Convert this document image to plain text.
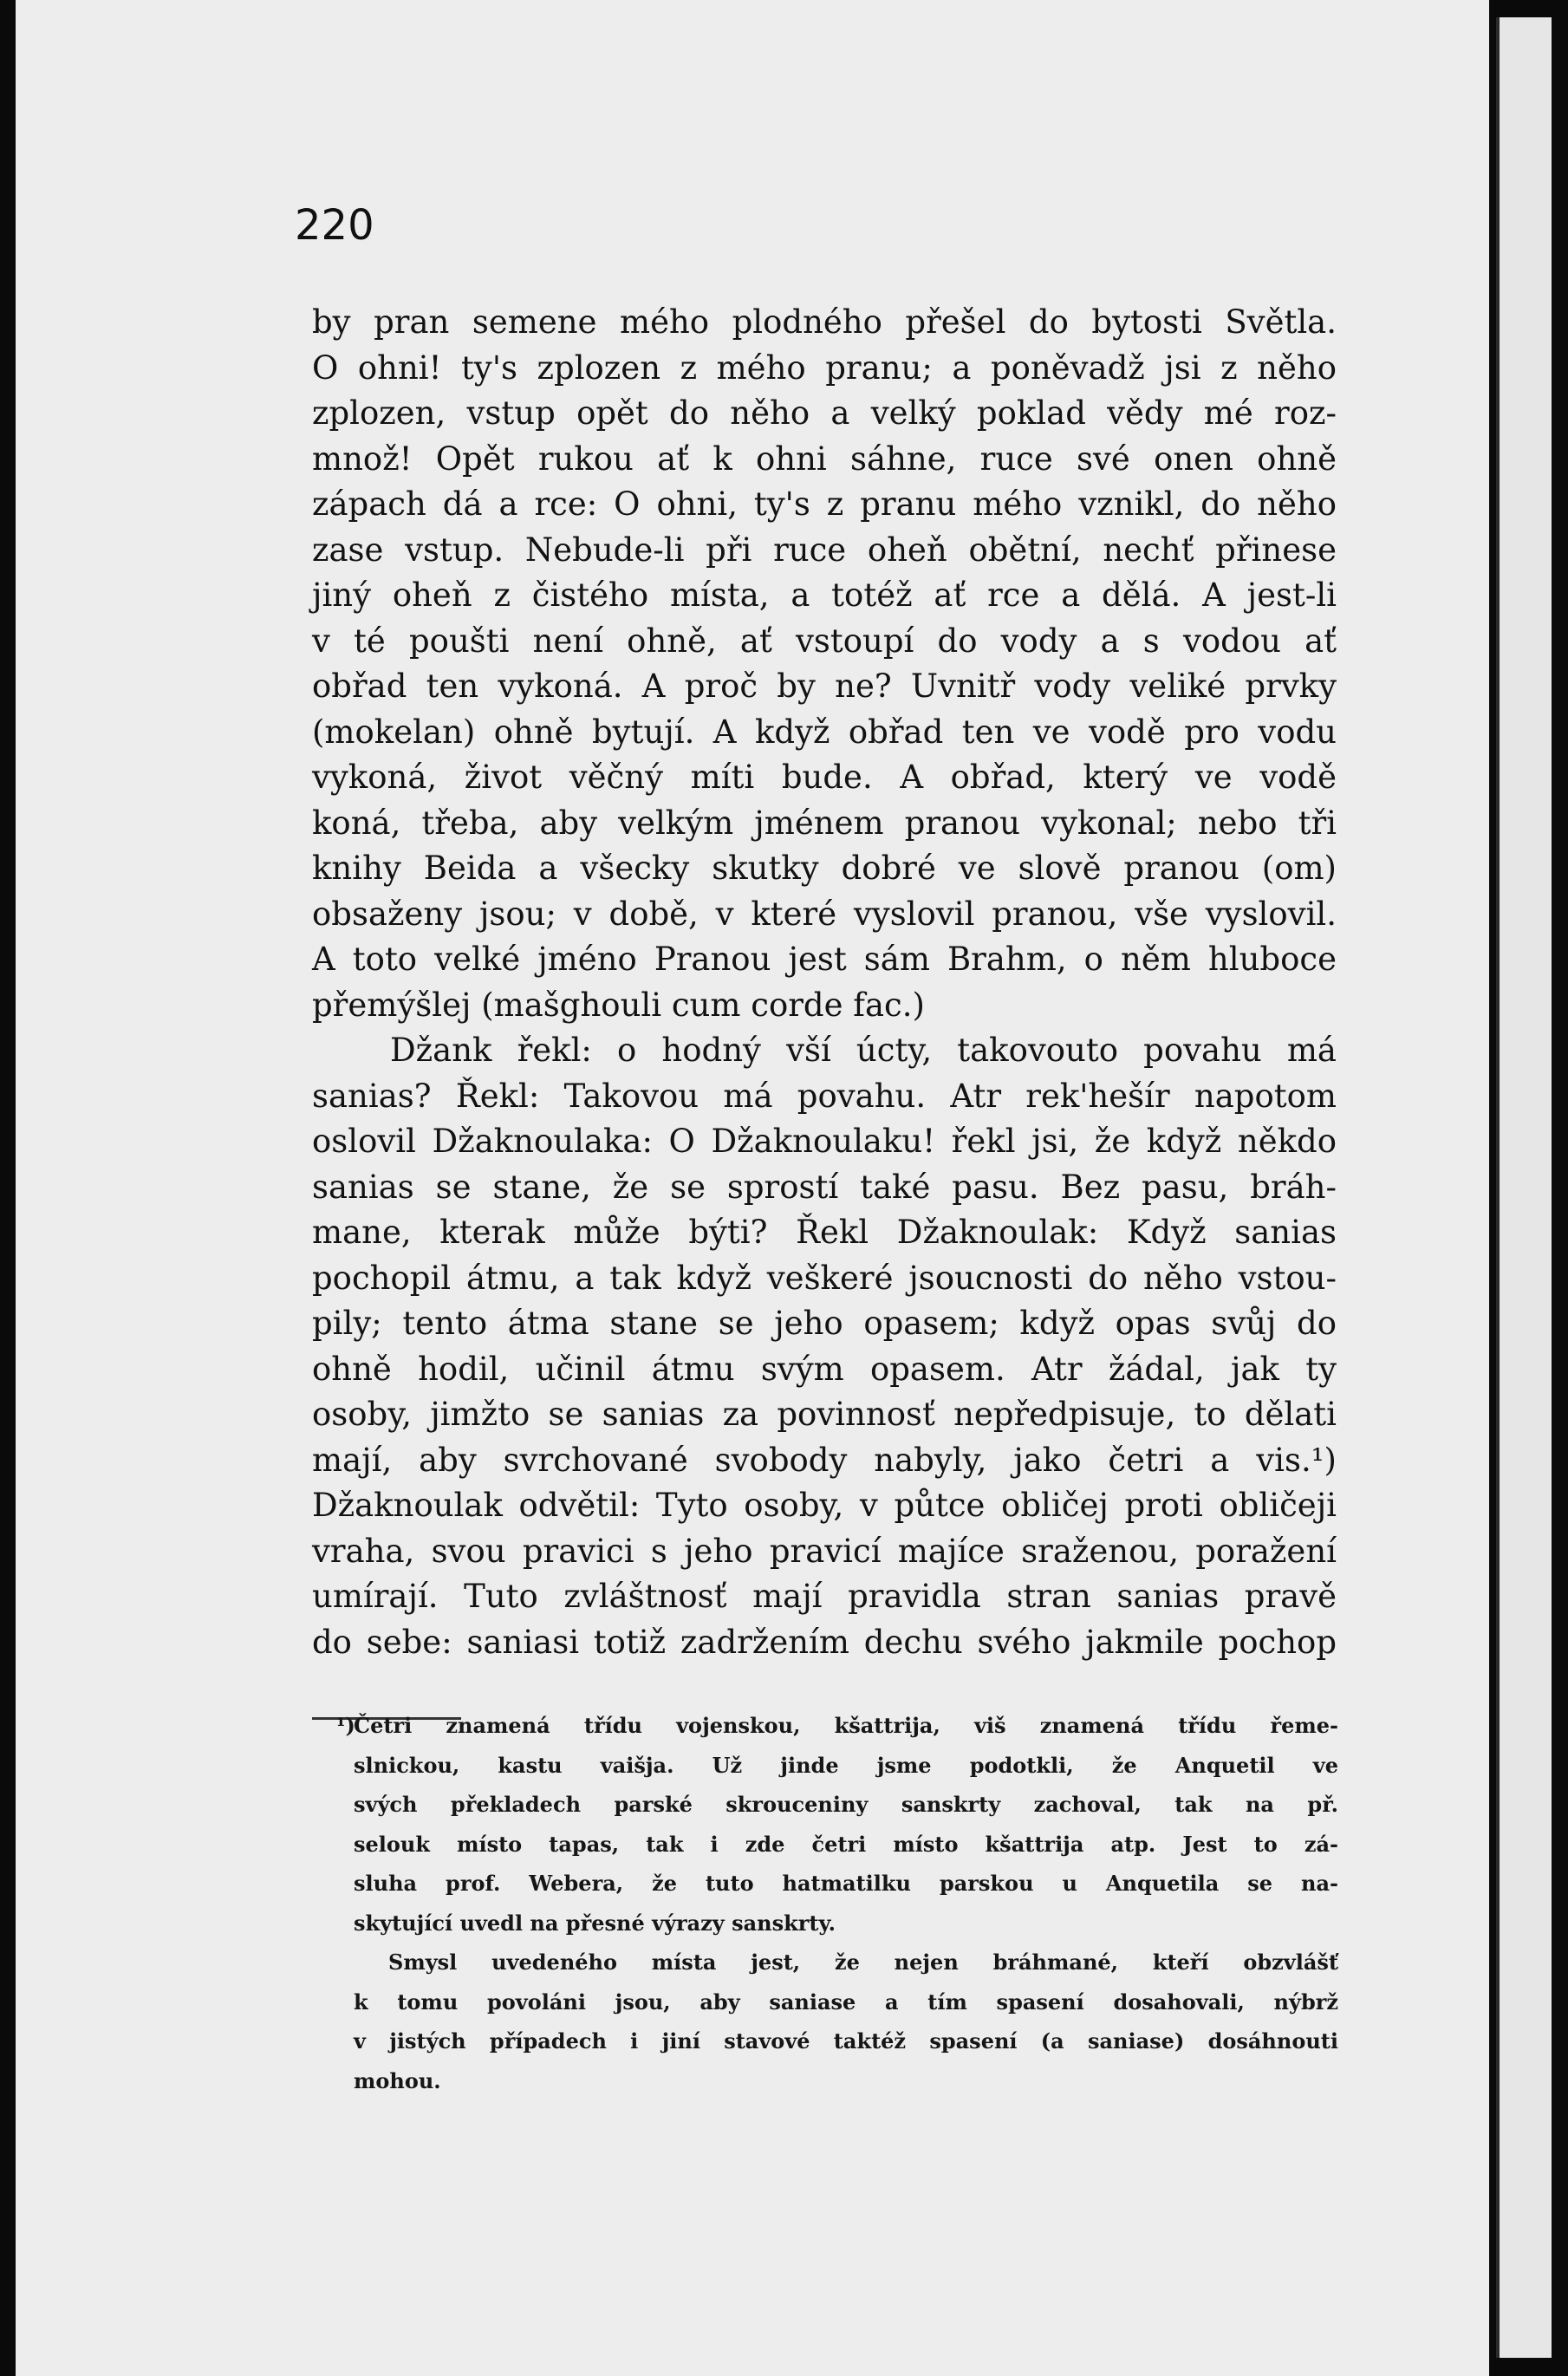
220
by pran semene mého plodného přešel do bytosti Světla.
O ohni! ty's zplozen z mého pranu; a poněvadž jsi z něho
zplozen, vstup opět do něho a velký poklad vědy mé roz-
množ! Opět rukou ať k ohni sáhne, ruce své onen ohně
zápach dá a rce: O ohni, ty's z pranu mého vznikl, do něho
zase vstup. Nebude-li při ruce oheň obětní, nechť přinese
jiný oheň z čistého místa, a totéž ať rce a dělá. A jest-li
v té poušti není ohně, ať vstoupí do vody a s vodou ať
obřad ten vykoná. A proč by ne? Uvnitř vody veliké prvky
(mokelan) ohně bytují. A když obřad ten ve vodě pro vodu
vykoná, život věčný míti bude. A obřad, který ve vodě
koná, třeba, aby velkým jménem pranou vykonal; nebo tři
knihy Beida a všecky skutky dobré ve slově pranou (om)
obsaženy jsou; v době, v které vyslovil pranou, vše vyslovil.
A toto velké jméno Pranou jest sám Brahm, o něm hluboce
přemýšlej (mašghouli cum corde fac.)
Džank řekl: o hodný vší úcty, takovouto povahu má
sanias? Řekl: Takovou má povahu. Atr rek'hešír napotom
oslovil Džaknoulaka: O Džaknoulaku! řekl jsi, že když někdo
sanias se stane, že se sprostí také pasu. Bez pasu, bráh-
mane, kterak může býti? Řekl Džaknoulak: Když sanias
pochopil átmu, a tak když veškeré jsoucnosti do něho vstou-
pily; tento átma stane se jeho opasem; když opas svůj do
ohně hodil, učinil átmu svým opasem. Atr žádal, jak ty
osoby, jimžto se sanias za povinnosť nepředpisuje, to dělati
mají, aby svrchované svobody nabyly, jako četri a vis.¹)
Džaknoulak odvětil: Tyto osoby, v půtce obličej proti obličeji
vraha, svou pravici s jeho pravicí majíce sraženou, poražení
umírají. Tuto zvláštnosť mají pravidla stran sanias pravě
do sebe: saniasi totiž zadržením dechu svého jakmile pochop
¹)
Četri znamená třídu vojenskou, kšattrija, viš znamená třídu řeme-
slnickou, kastu vaišja. Už jinde jsme podotkli, že Anquetil ve
svých překladech parské skrouceniny sanskrty zachoval, tak na př.
selouk místo tapas, tak i zde četri místo kšattrija atp. Jest to zá-
sluha prof. Webera, že tuto hatmatilku parskou u Anquetila se na-
skytující uvedl na přesné výrazy sanskrty.
Smysl uvedeného místa jest, že nejen bráhmané, kteří obzvlášť
k tomu povoláni jsou, aby saniase a tím spasení dosahovali, nýbrž
v jistých případech i jiní stavové taktéž spasení (a saniase) dosáhnouti
mohou.
